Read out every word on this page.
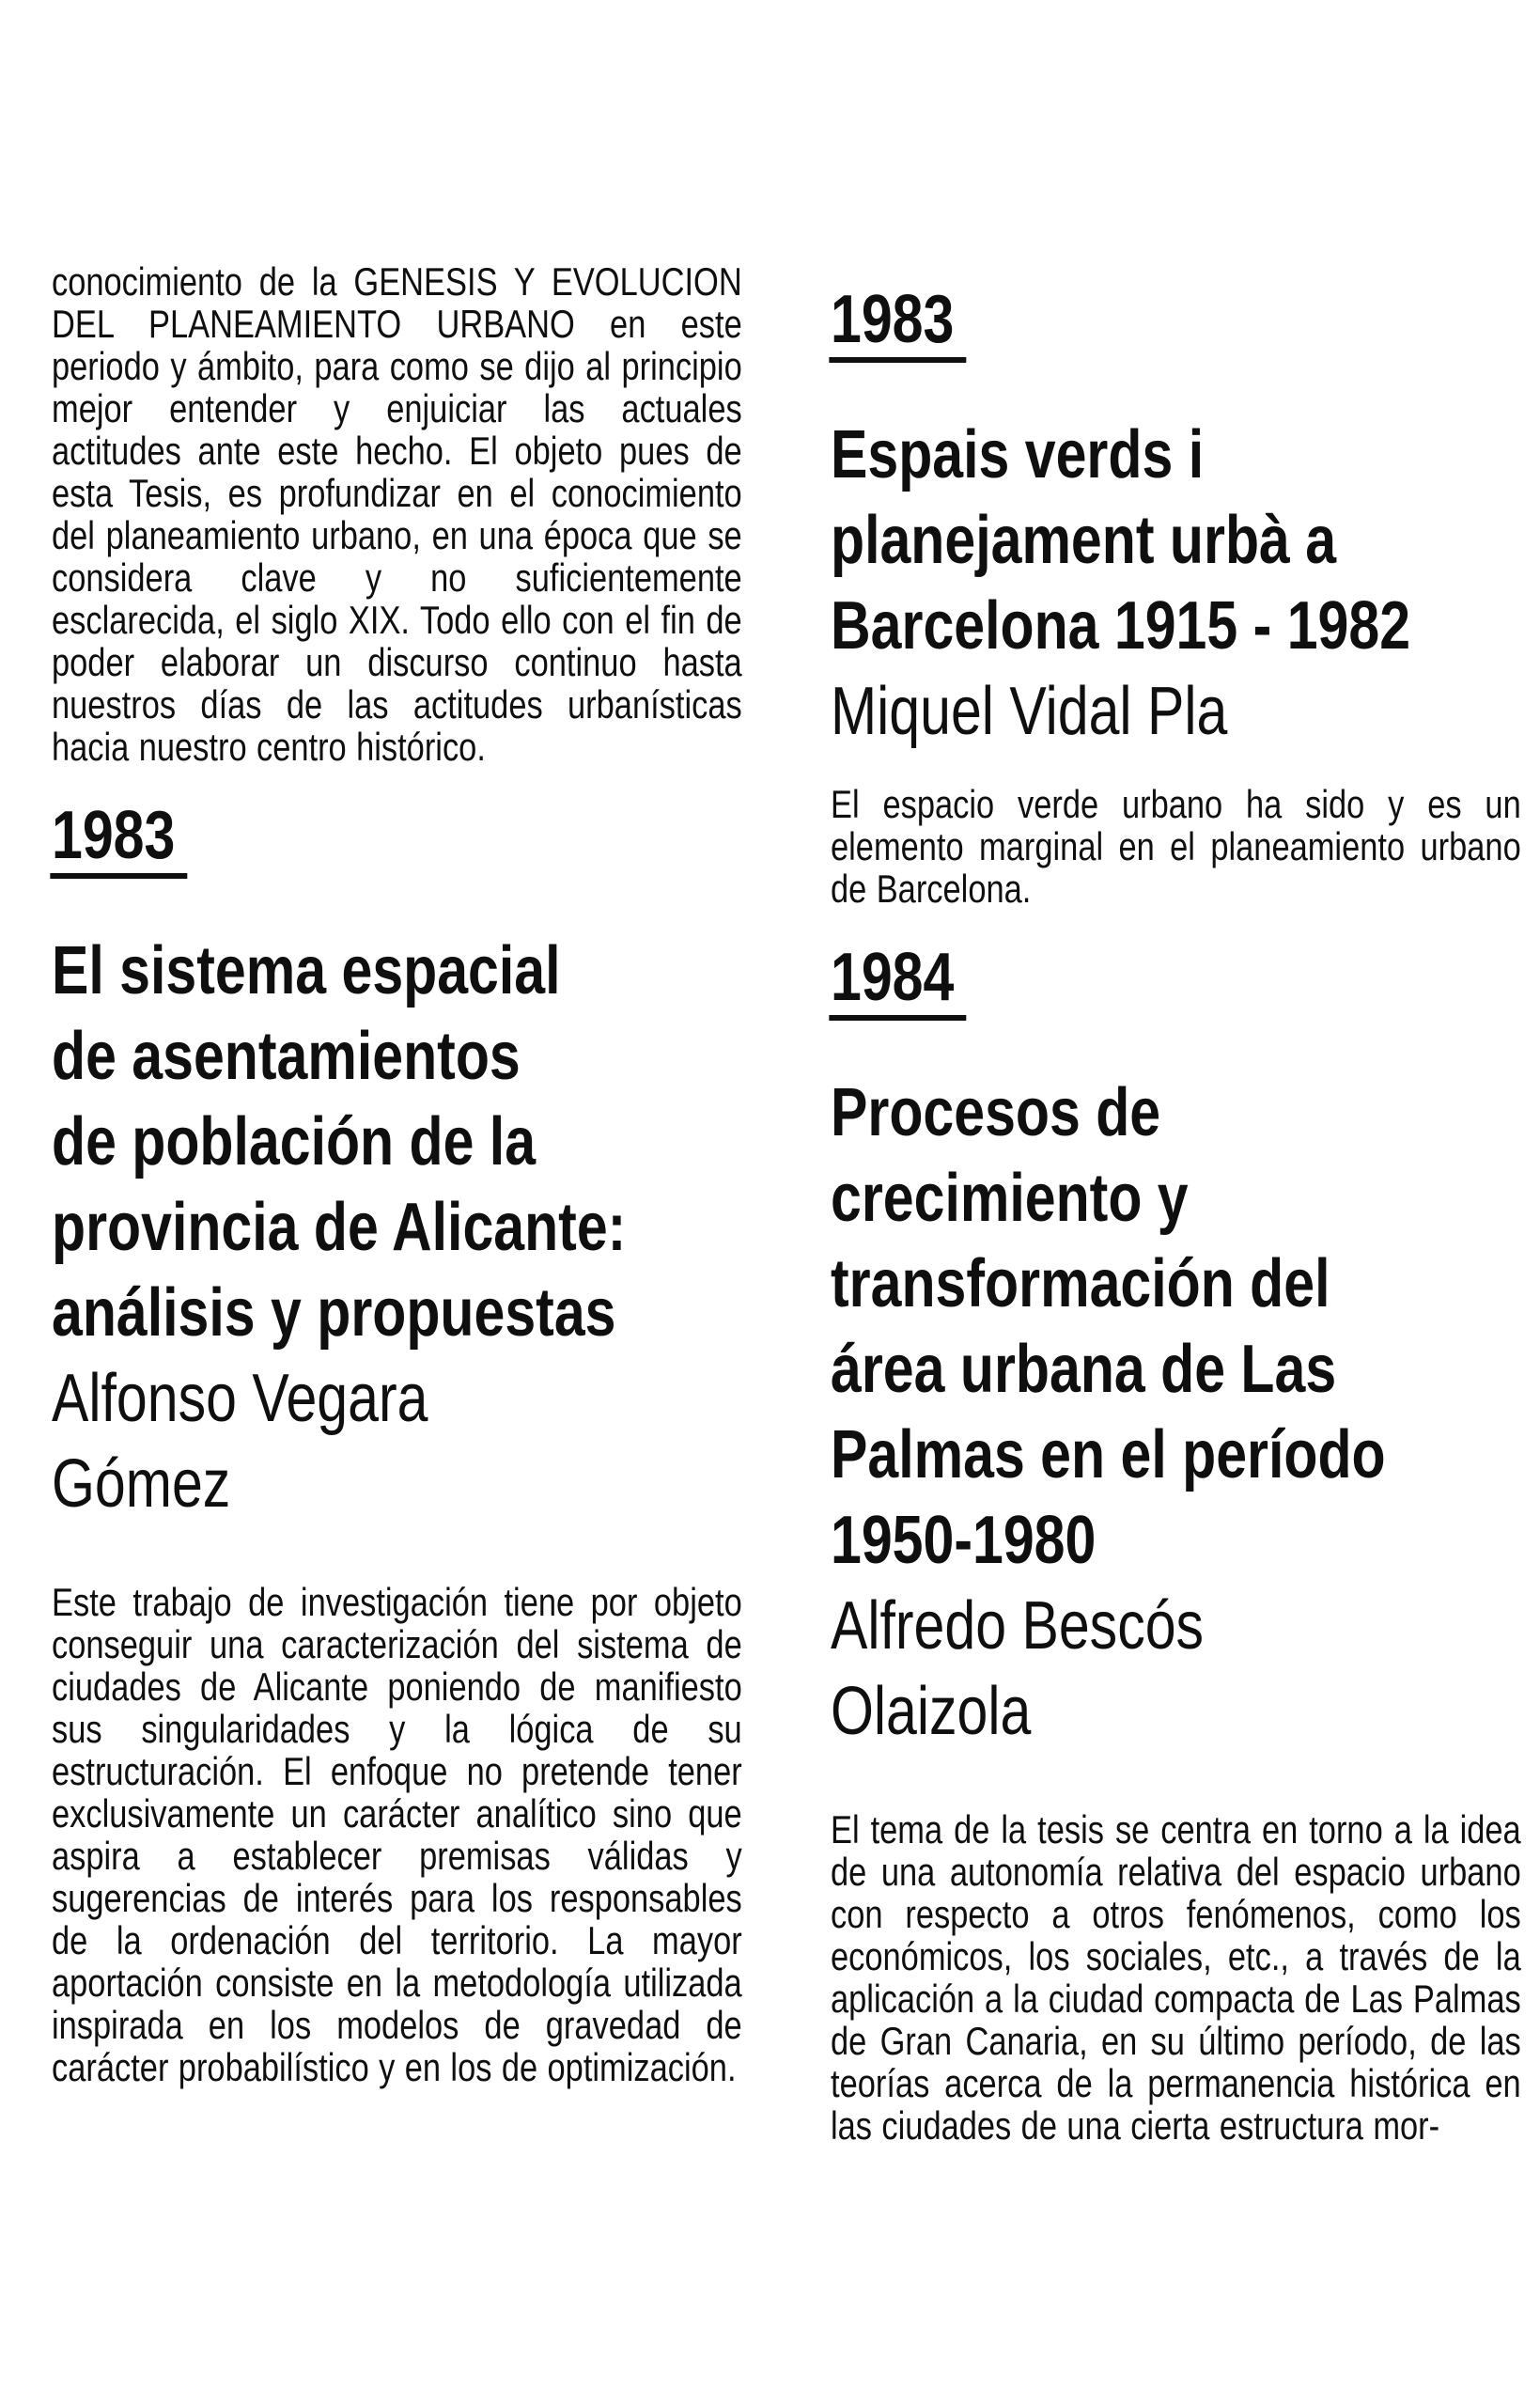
conocimiento de la GENESIS Y EVOLUCION DEL PLANEAMIENTO URBANO en este periodo y ámbito, para como se dijo al principio mejor entender y enjuiciar las actuales actitudes ante este hecho. El objeto pues de esta Tesis, es profundizar en el conocimiento del planeamiento urbano, en una época que se considera clave y no suficientemente esclarecida, el siglo XIX. Todo ello con el fin de poder elaborar un discurso continuo hasta nuestros días de las actitudes urbanísticas hacia nuestro centro histórico.
1983
El sistema espacial
de asentamientos
de población de la
provincia de Alicante:
análisis y propuestas
Alfonso Vegara
Gómez
Este trabajo de investigación tiene por objeto conseguir una caracterización del sistema de ciudades de Alicante poniendo de manifiesto sus singularidades y la lógica de su estructuración. El enfoque no pretende tener exclusivamente un carácter analítico sino que aspira a establecer premisas válidas y sugerencias de interés para los responsables de la ordenación del territorio. La mayor aportación consiste en la metodología utilizada inspirada en los modelos de gravedad de carácter probabilístico y en los de optimización.
1983
Espais verds i
planejament urbà a
Barcelona 1915 - 1982
Miquel Vidal Pla
El espacio verde urbano ha sido y es un elemento marginal en el planeamiento urbano de Barcelona.
1984
Procesos de
crecimiento y
transformación del
área urbana de Las
Palmas en el período
1950-1980
Alfredo Bescós
Olaizola
El tema de la tesis se centra en torno a la idea de una autonomía relativa del espacio urbano con respecto a otros fenómenos, como los económicos, los sociales, etc., a través de la aplicación a la ciudad compacta de Las Palmas de Gran Canaria, en su último período, de las teorías acerca de la permanencia histórica en las ciudades de una cierta estructura mor-
